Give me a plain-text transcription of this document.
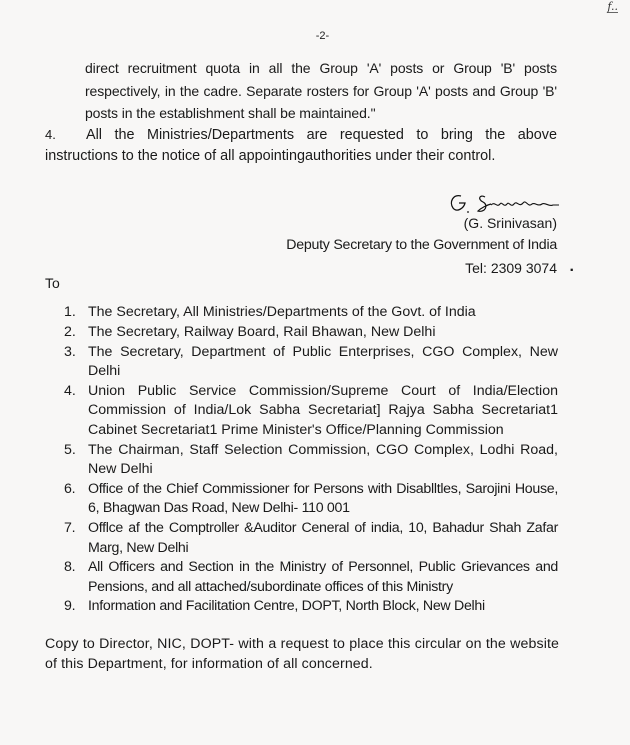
f..
-2-
direct recruitment quota in all the Group 'A' posts or Group 'B' posts respectively, in the cadre. Separate rosters for Group 'A' posts and Group 'B' posts in the establishment shall be maintained."
4. All the Ministries/Departments are requested to bring the above instructions to the notice of all appointingauthorities under their control.
(G. Srinivasan)
Deputy Secretary to the Government of India
Tel: 2309 3074 .
To
1. The Secretary, All Ministries/Departments of the Govt. of India
2. The Secretary, Railway Board, Rail Bhawan, New Delhi
3. The Secretary, Department of Public Enterprises, CGO Complex, New Delhi
4. Union Public Service Commission/Supreme Court of India/Election Commission of India/Lok Sabha Secretariat] Rajya Sabha Secretariat1 Cabinet Secretariat1 Prime Minister's Office/Planning Commission
5. The Chairman, Staff Selection Commission, CGO Complex, Lodhi Road, New Delhi
6. Office of the Chief Commissioner for Persons with Disablltles, Sarojini House, 6, Bhagwan Das Road, New Delhi- 110 001
7. Offlce af the Comptroller &Auditor Ceneral of india, 10, Bahadur Shah Zafar Marg, New Delhi
8. All Officers and Section in the Ministry of Personnel, Public Grievances and Pensions, and all attached/subordinate offices of this Ministry
9. Information and Facilitation Centre, DOPT, North Block, New Delhi
Copy to Director, NIC, DOPT- with a request to place this circular on the website of this Department, for information of all concerned.
